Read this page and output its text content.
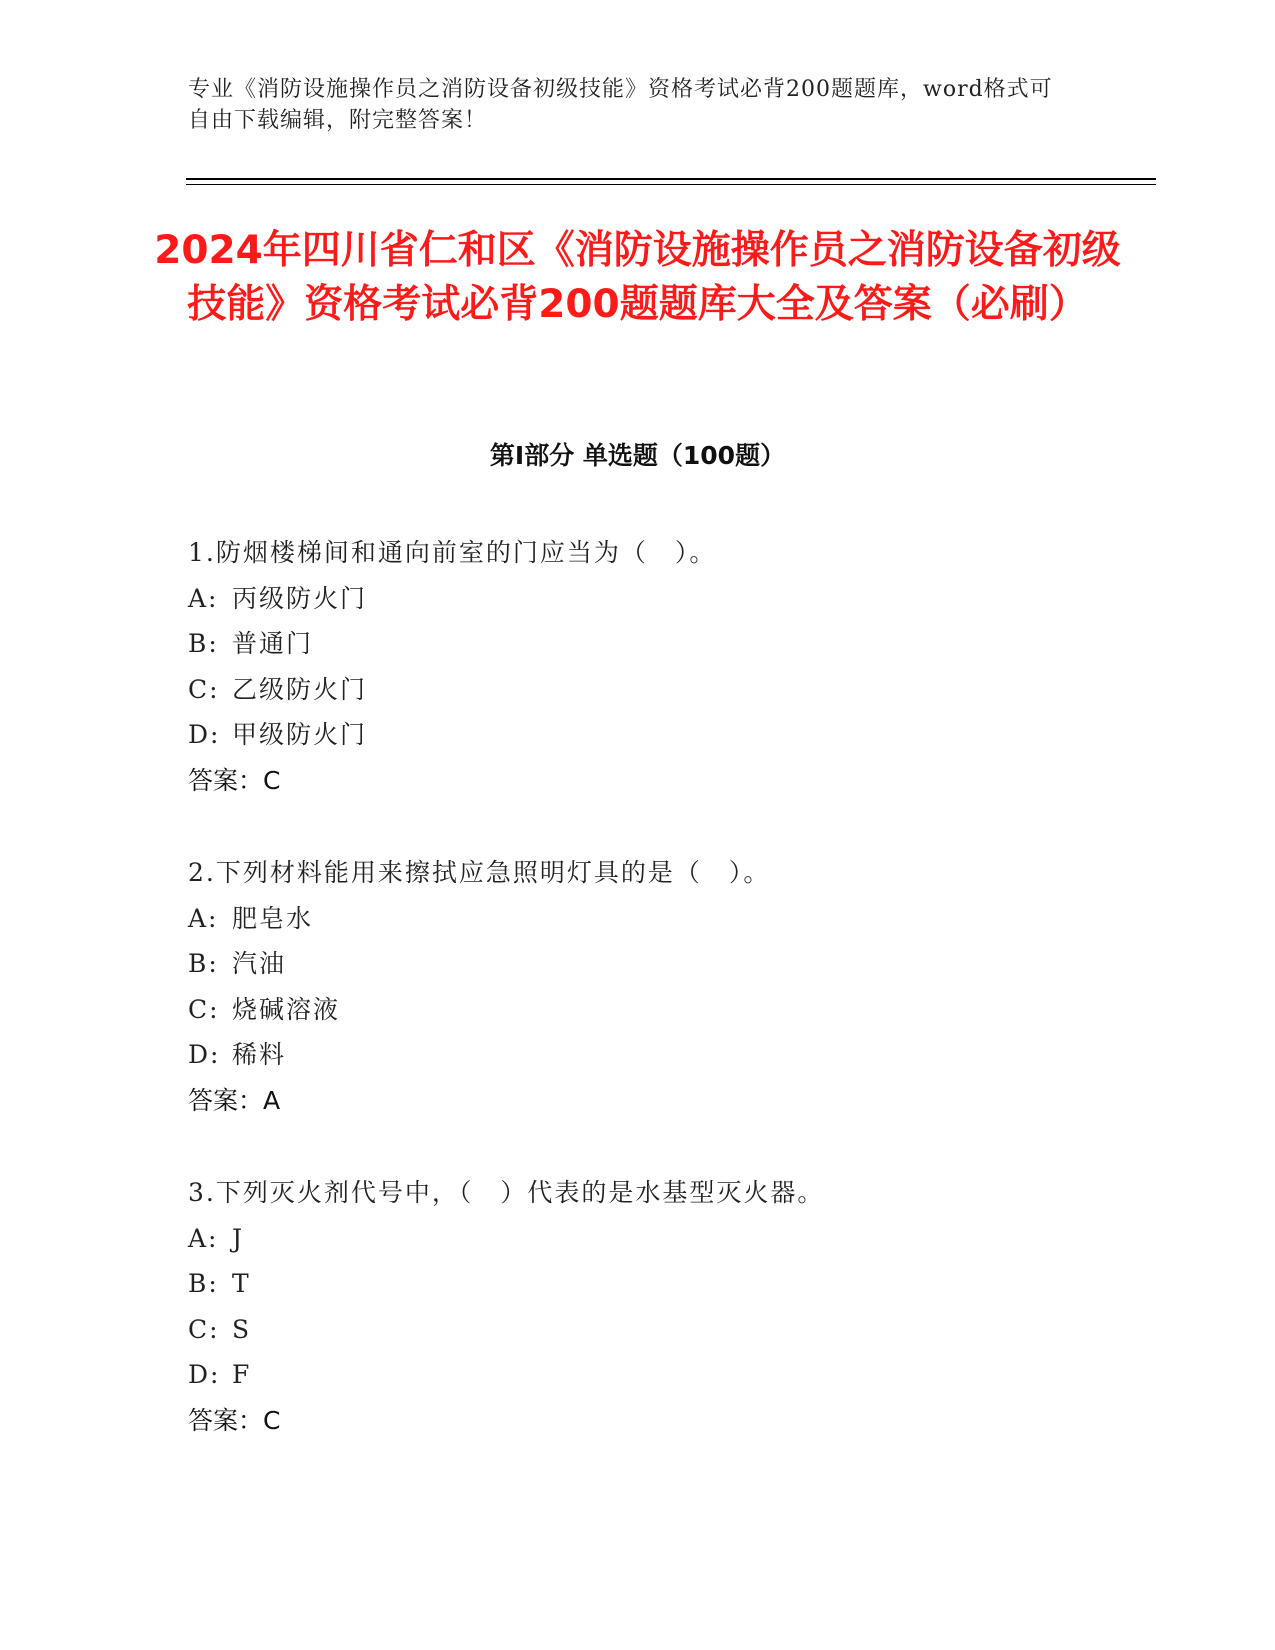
专业《消防设施操作员之消防设备初级技能》资格考试必背200题题库，word格式可自由下载编辑，附完整答案！
2024年四川省仁和区《消防设施操作员之消防设备初级技能》资格考试必背200题题库大全及答案（必刷）
第Ⅰ部分 单选题（100题）
1.防烟楼梯间和通向前室的门应当为（　）。
A: 丙级防火门
B: 普通门
C: 乙级防火门
D: 甲级防火门
答案：C
2.下列材料能用来擦拭应急照明灯具的是（　）。
A: 肥皂水
B: 汽油
C: 烧碱溶液
D: 稀料
答案：A
3.下列灭火剂代号中，（　）代表的是水基型灭火器。
A: J
B: T
C: S
D: F
答案：C
